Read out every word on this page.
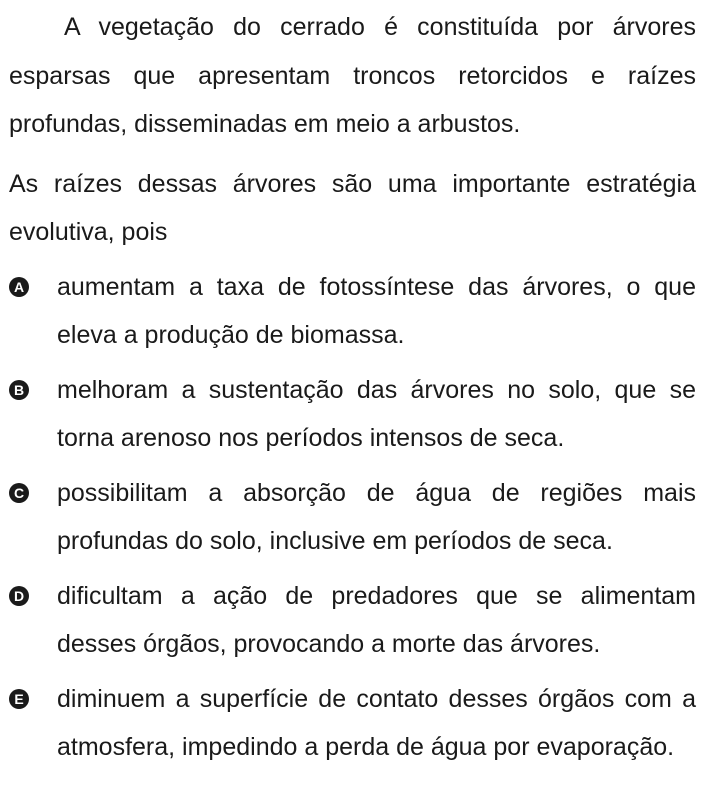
A vegetação do cerrado é constituída por árvores esparsas que apresentam troncos retorcidos e raízes profundas, disseminadas em meio a arbustos.

As raízes dessas árvores são uma importante estratégia evolutiva, pois

A aumentam a taxa de fotossíntese das árvores, o que eleva a produção de biomassa.

B melhoram a sustentação das árvores no solo, que se torna arenoso nos períodos intensos de seca.

C possibilitam a absorção de água de regiões mais profundas do solo, inclusive em períodos de seca.

D dificultam a ação de predadores que se alimentam desses órgãos, provocando a morte das árvores.

E diminuem a superfície de contato desses órgãos com a atmosfera, impedindo a perda de água por evaporação.
